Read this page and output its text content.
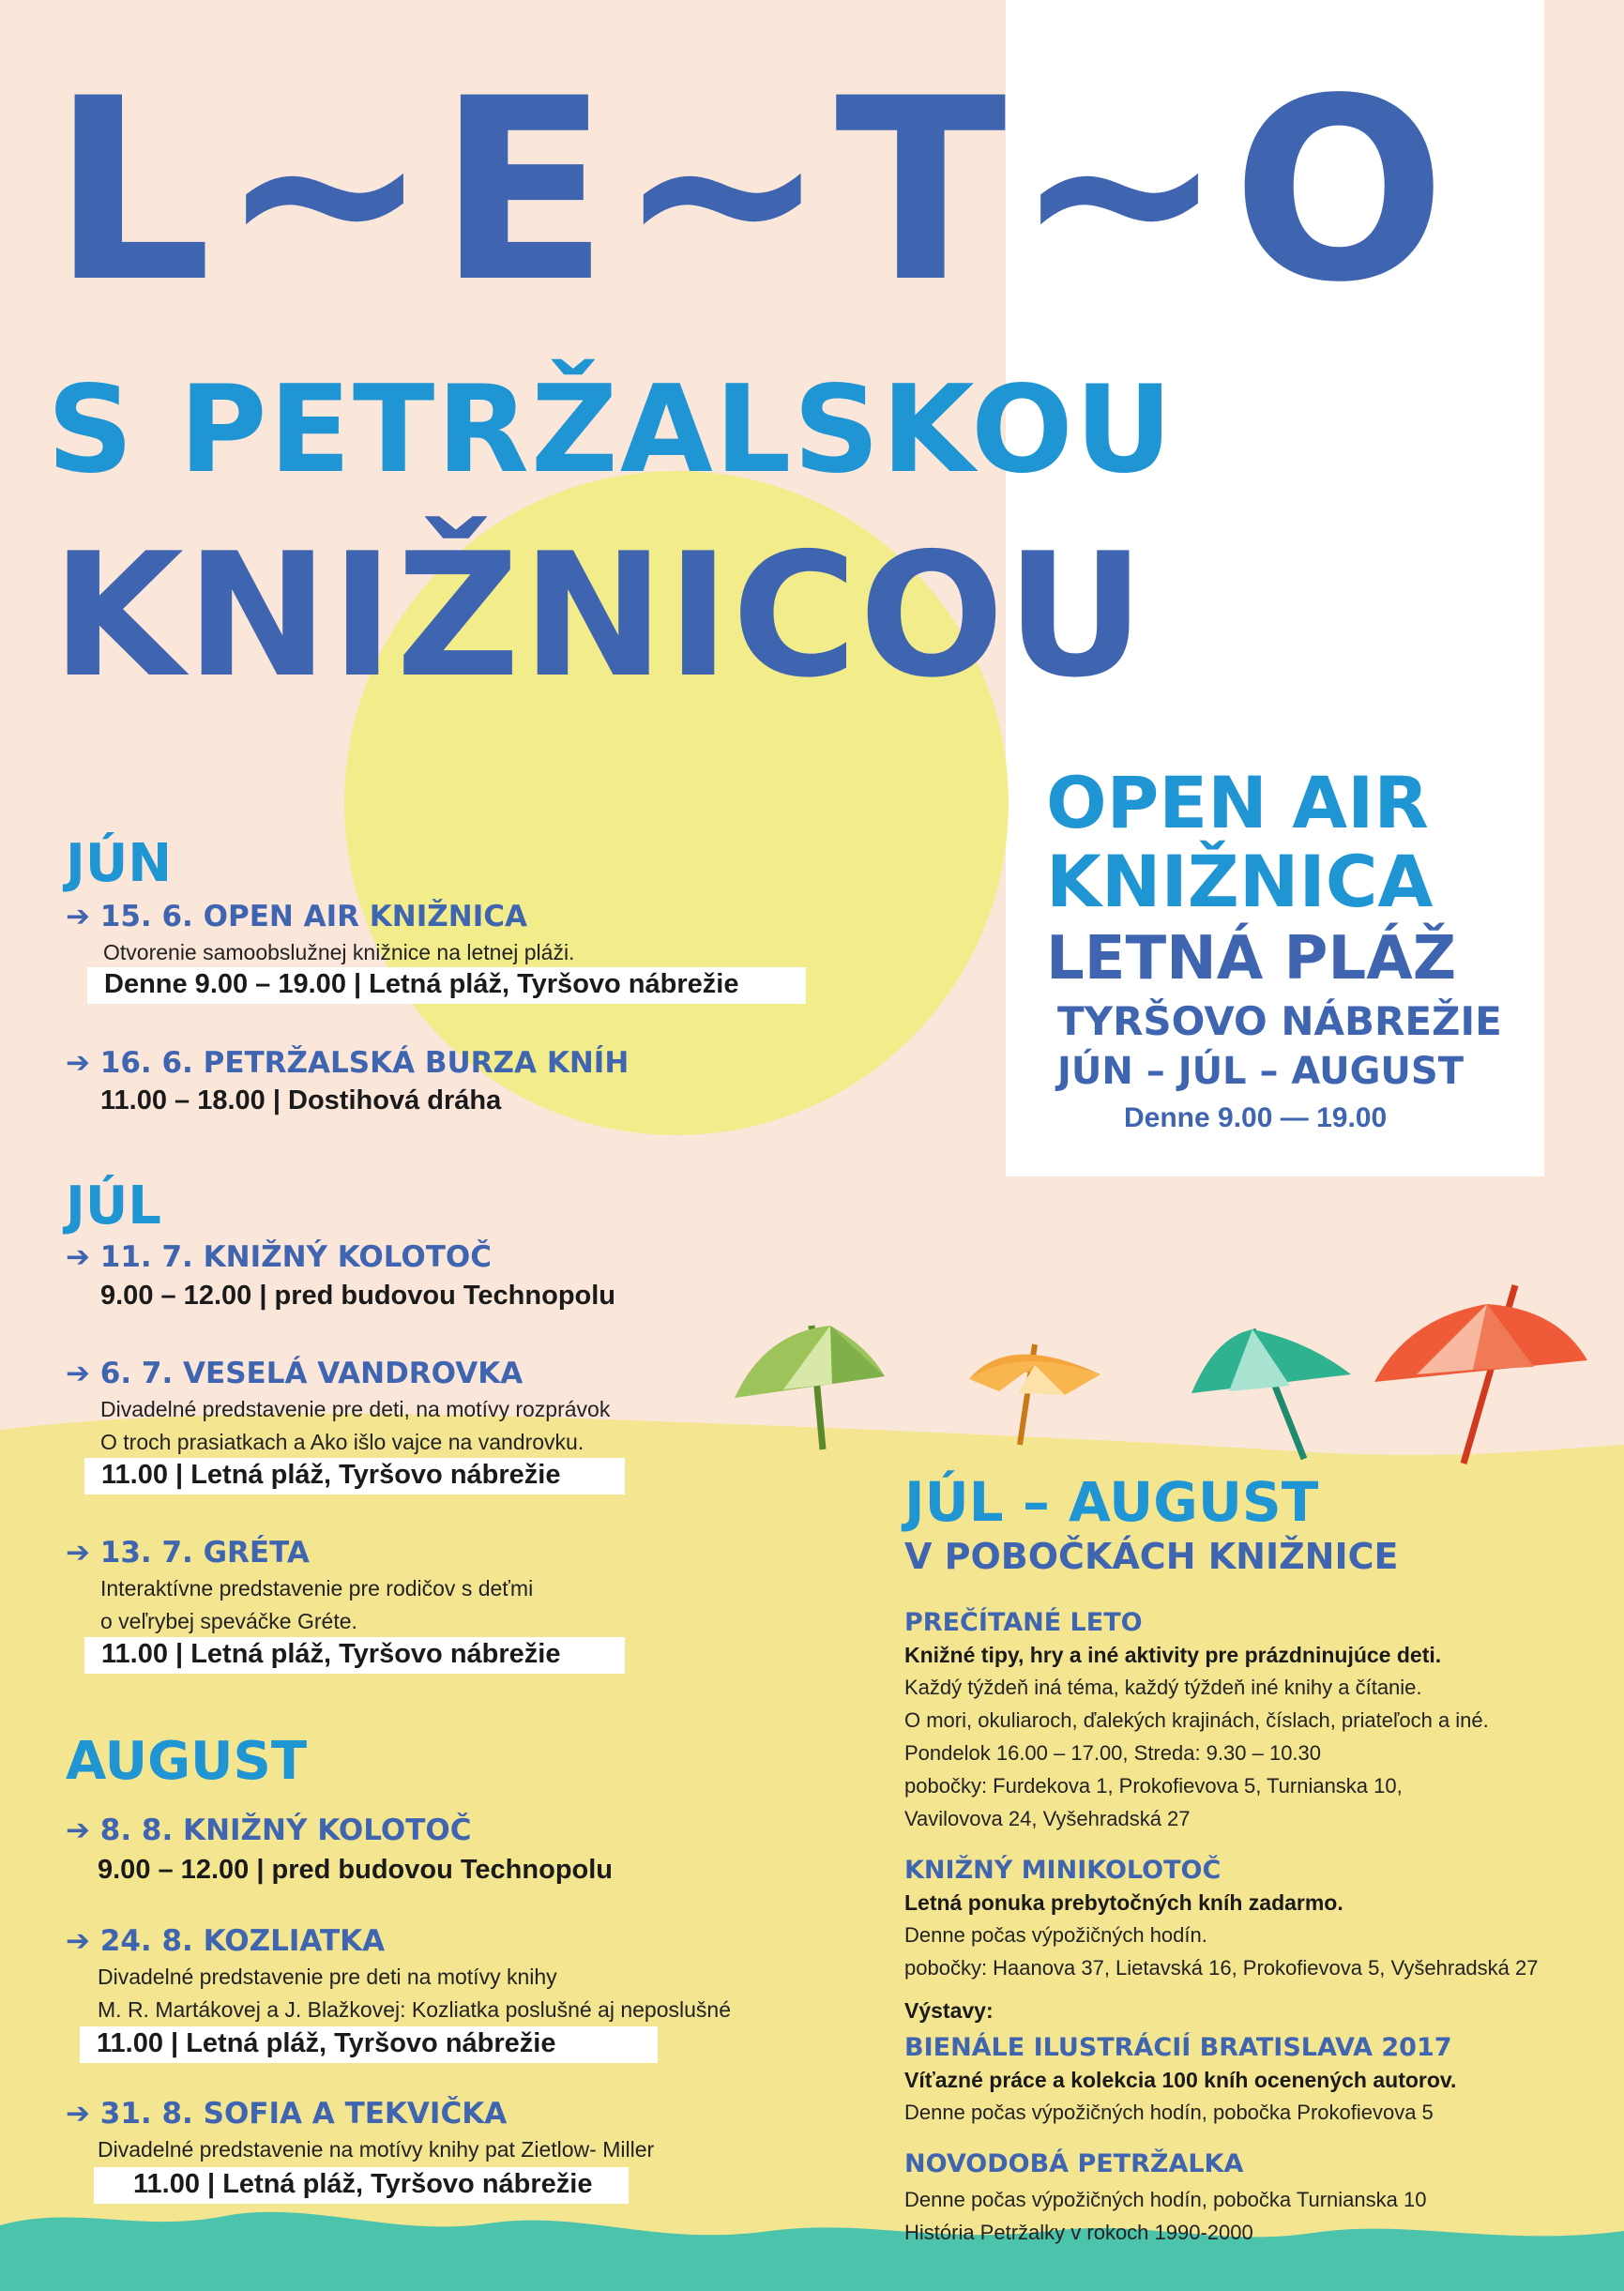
L~E~T~O
S PETRŽALSKOU
KNIŽNICOU
OPEN AIR
KNIŽNICA
LETNÁ PLÁŽ
TYRŠOVO NÁBREŽIE
JÚN – JÚL – AUGUST
Denne 9.00 — 19.00
JÚN
➔ 15. 6. OPEN AIR KNIŽNICA
Otvorenie samoobslužnej knižnice na letnej pláži.
Denne 9.00 – 19.00 | Letná pláž, Tyršovo nábrežie
➔ 16. 6. PETRŽALSKÁ BURZA KNÍH
11.00 – 18.00 | Dostihová dráha
JÚL
➔ 11. 7. KNIŽNÝ KOLOTOČ
9.00 – 12.00 | pred budovou Technopolu
➔ 6. 7. VESELÁ VANDROVKA
Divadelné predstavenie pre deti, na motívy rozprávok
O troch prasiatkach a Ako išlo vajce na vandrovku.
11.00 | Letná pláž, Tyršovo nábrežie
➔ 13. 7. GRÉTA
Interaktívne predstavenie pre rodičov s deťmi
o veľrybej speváčke Gréte.
11.00 | Letná pláž, Tyršovo nábrežie
AUGUST
➔ 8. 8. KNIŽNÝ KOLOTOČ
9.00 – 12.00 | pred budovou Technopolu
➔ 24. 8. KOZLIATKA
Divadelné predstavenie pre deti na motívy knihy
M. R. Martákovej a J. Blažkovej: Kozliatka poslušné aj neposlušné
11.00 | Letná pláž, Tyršovo nábrežie
➔ 31. 8. SOFIA A TEKVIČKA
Divadelné predstavenie na motívy knihy pat Zietlow- Miller
11.00 | Letná pláž, Tyršovo nábrežie
JÚL – AUGUST
V POBOČKÁCH KNIŽNICE
PREČÍTANÉ LETO
Knižné tipy, hry a iné aktivity pre prázdninujúce deti.
Každý týždeň iná téma, každý týždeň iné knihy a čítanie.
O mori, okuliaroch, ďalekých krajinách, číslach, priateľoch a iné.
Pondelok 16.00 – 17.00, Streda: 9.30 – 10.30
pobočky: Furdekova 1, Prokofievova 5, Turnianska 10,
Vavilovova 24, Vyšehradská 27
KNIŽNÝ MINIKOLOTOČ
Letná ponuka prebytočných kníh zadarmo.
Denne počas výpožičných hodín.
pobočky: Haanova 37, Lietavská 16, Prokofievova 5, Vyšehradská 27
Výstavy:
BIENÁLE ILUSTRÁCIÍ BRATISLAVA 2017
Víťazné práce a kolekcia 100 kníh ocenených autorov.
Denne počas výpožičných hodín, pobočka Prokofievova 5
NOVODOBÁ PETRŽALKA
Denne počas výpožičných hodín, pobočka Turnianska 10
História Petržalky v rokoch 1990-2000
